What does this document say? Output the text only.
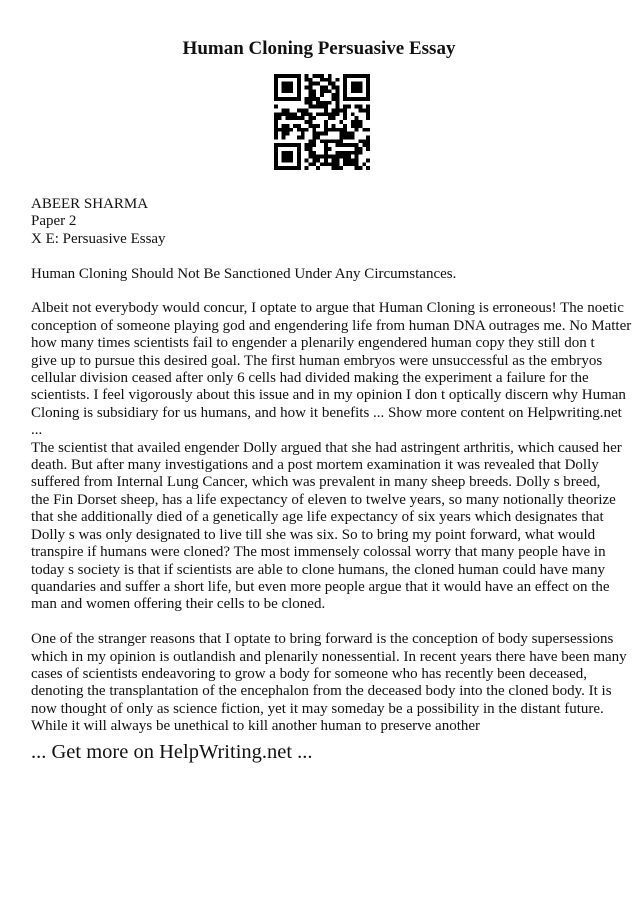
Human Cloning Persuasive Essay
ABEER SHARMA
Paper 2
X E: Persuasive Essay
Human Cloning Should Not Be Sanctioned Under Any Circumstances.
Albeit not everybody would concur, I optate to argue that Human Cloning is erroneous! The noetic
conception of someone playing god and engendering life from human DNA outrages me. No Matter
how many times scientists fail to engender a plenarily engendered human copy they still don t
give up to pursue this desired goal. The first human embryos were unsuccessful as the embryos
cellular division ceased after only 6 cells had divided making the experiment a failure for the
scientists. I feel vigorously about this issue and in my opinion I don t optically discern why Human
Cloning is subsidiary for us humans, and how it benefits ... Show more content on Helpwriting.net
...
The scientist that availed engender Dolly argued that she had astringent arthritis, which caused her
death. But after many investigations and a post mortem examination it was revealed that Dolly
suffered from Internal Lung Cancer, which was prevalent in many sheep breeds. Dolly s breed,
the Fin Dorset sheep, has a life expectancy of eleven to twelve years, so many notionally theorize
that she additionally died of a genetically age life expectancy of six years which designates that
Dolly s was only designated to live till she was six. So to bring my point forward, what would
transpire if humans were cloned? The most immensely colossal worry that many people have in
today s society is that if scientists are able to clone humans, the cloned human could have many
quandaries and suffer a short life, but even more people argue that it would have an effect on the
man and women offering their cells to be cloned.
One of the stranger reasons that I optate to bring forward is the conception of body supersessions
which in my opinion is outlandish and plenarily nonessential. In recent years there have been many
cases of scientists endeavoring to grow a body for someone who has recently been deceased,
denoting the transplantation of the encephalon from the deceased body into the cloned body. It is
now thought of only as science fiction, yet it may someday be a possibility in the distant future.
While it will always be unethical to kill another human to preserve another
... Get more on HelpWriting.net ...
